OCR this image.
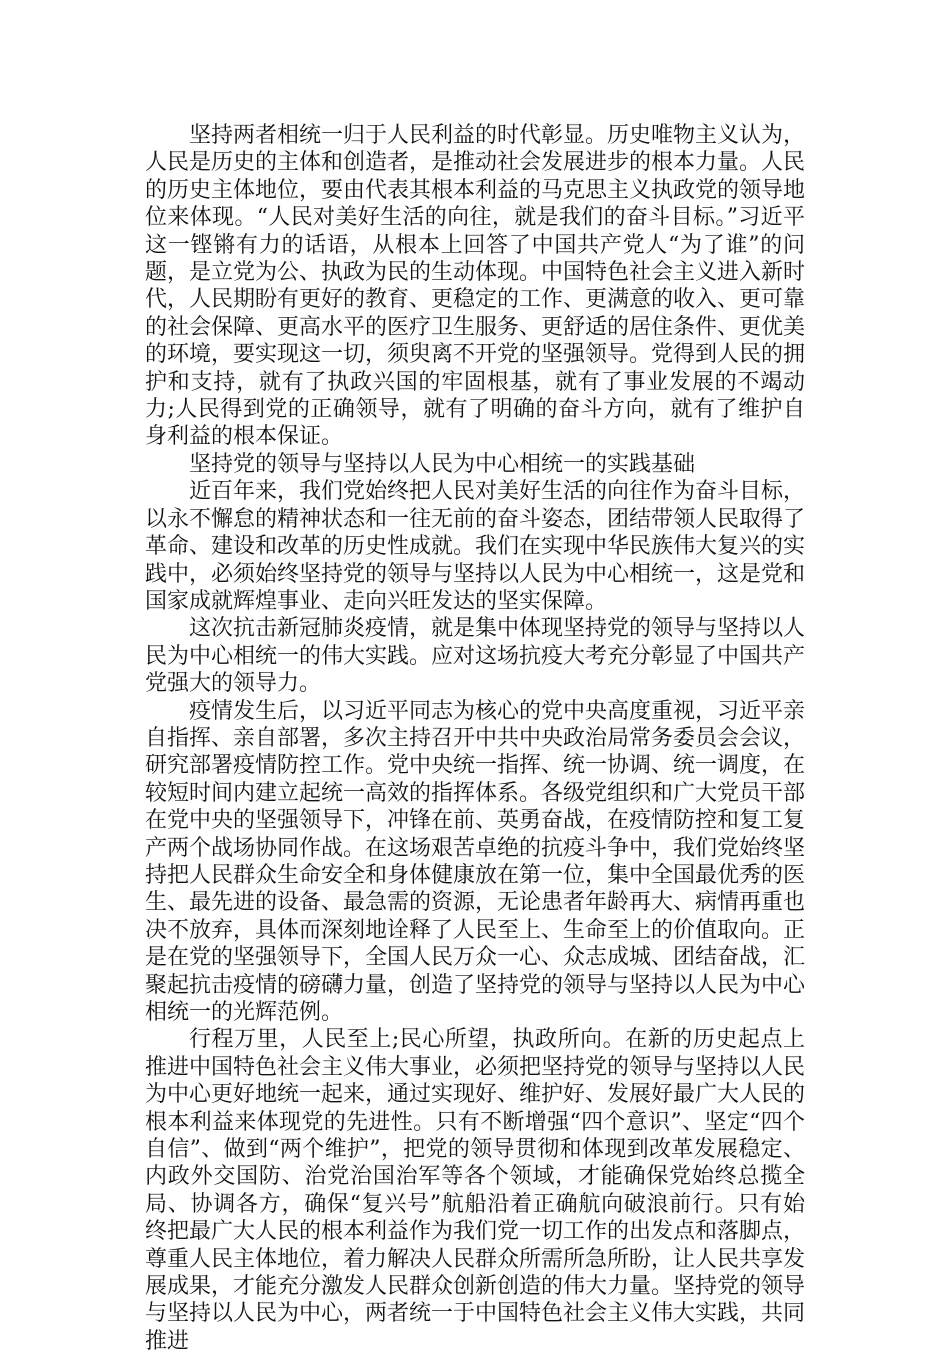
坚持两者相统一归于人民利益的时代彰显。历史唯物主义认为，人民是历史的主体和创造者，是推动社会发展进步的根本力量。人民的历史主体地位，要由代表其根本利益的马克思主义执政党的领导地位来体现。“人民对美好生活的向往，就是我们的奋斗目标。”习近平这一铿锵有力的话语，从根本上回答了中国共产党人“为了谁”的问题，是立党为公、执政为民的生动体现。中国特色社会主义进入新时代，人民期盼有更好的教育、更稳定的工作、更满意的收入、更可靠的社会保障、更高水平的医疗卫生服务、更舒适的居住条件、更优美的环境，要实现这一切，须臾离不开党的坚强领导。党得到人民的拥护和支持，就有了执政兴国的牢固根基，就有了事业发展的不竭动力;人民得到党的正确领导，就有了明确的奋斗方向，就有了维护自身利益的根本保证。

坚持党的领导与坚持以人民为中心相统一的实践基础

近百年来，我们党始终把人民对美好生活的向往作为奋斗目标，以永不懈怠的精神状态和一往无前的奋斗姿态，团结带领人民取得了革命、建设和改革的历史性成就。我们在实现中华民族伟大复兴的实践中，必须始终坚持党的领导与坚持以人民为中心相统一，这是党和国家成就辉煌事业、走向兴旺发达的坚实保障。

这次抗击新冠肺炎疫情，就是集中体现坚持党的领导与坚持以人民为中心相统一的伟大实践。应对这场抗疫大考充分彰显了中国共产党强大的领导力。

疫情发生后，以习近平同志为核心的党中央高度重视，习近平亲自指挥、亲自部署，多次主持召开中共中央政治局常务委员会会议，研究部署疫情防控工作。党中央统一指挥、统一协调、统一调度，在较短时间内建立起统一高效的指挥体系。各级党组织和广大党员干部在党中央的坚强领导下，冲锋在前、英勇奋战，在疫情防控和复工复产两个战场协同作战。在这场艰苦卓绝的抗疫斗争中，我们党始终坚持把人民群众生命安全和身体健康放在第一位，集中全国最优秀的医生、最先进的设备、最急需的资源，无论患者年龄再大、病情再重也决不放弃，具体而深刻地诠释了人民至上、生命至上的价值取向。正是在党的坚强领导下，全国人民万众一心、众志成城、团结奋战，汇聚起抗击疫情的磅礴力量，创造了坚持党的领导与坚持以人民为中心相统一的光辉范例。

行程万里，人民至上;民心所望，执政所向。在新的历史起点上推进中国特色社会主义伟大事业，必须把坚持党的领导与坚持以人民为中心更好地统一起来，通过实现好、维护好、发展好最广大人民的根本利益来体现党的先进性。只有不断增强“四个意识”、坚定“四个自信”、做到“两个维护”，把党的领导贯彻和体现到改革发展稳定、内政外交国防、治党治国治军等各个领域，才能确保党始终总揽全局、协调各方，确保“复兴号”航船沿着正确航向破浪前行。只有始终把最广大人民的根本利益作为我们党一切工作的出发点和落脚点，尊重人民主体地位，着力解决人民群众所需所急所盼，让人民共享发展成果，才能充分激发人民群众创新创造的伟大力量。坚持党的领导与坚持以人民为中心，两者统一于中国特色社会主义伟大实践，共同推进
